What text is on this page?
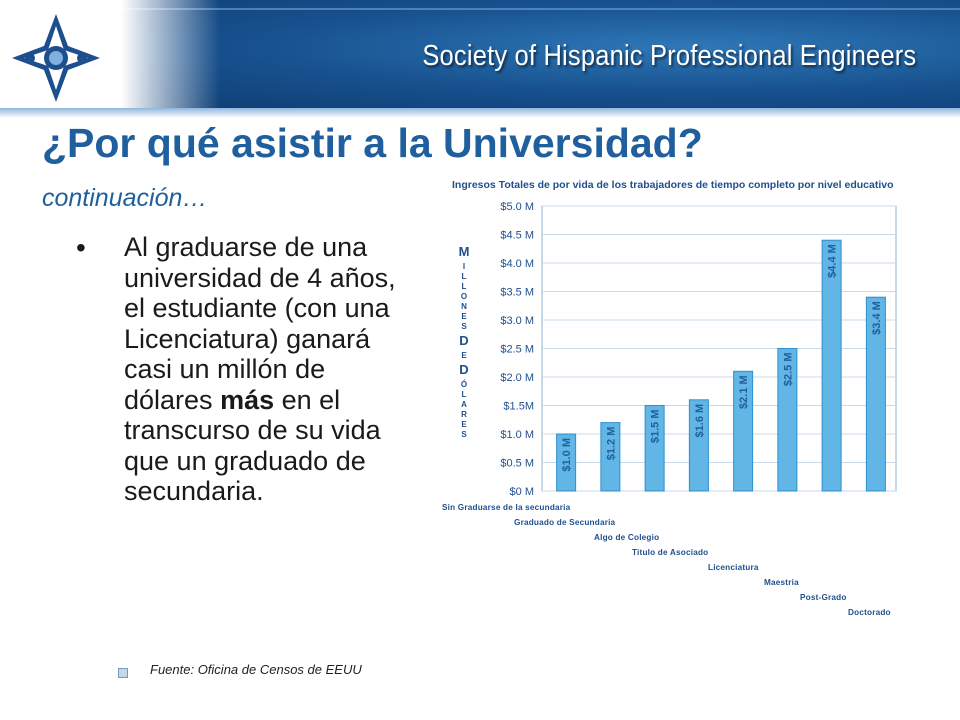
Society of Hispanic Professional Engineers
¿Por qué asistir a la Universidad?
continuación…
• Al graduarse de una universidad de 4 años, el estudiante (con una Licenciatura) ganará casi un millón de dólares más en el transcurso de su vida que un graduado de secundaria.
Fuente: Oficina de Censos de EEUU
Ingresos Totales de por vida de los trabajadores de tiempo completo por nivel educativo
$0 M
$0.5 M
$1.0 M
$1.5M
$2.0 M
$2.5 M
$3.0 M
$3.5 M
$4.0 M
$4.5 M
$5.0 M
M
I
L
L
O
N
E
S
D
E
D
Ó
L
A
R
E
S
$1.0 M	$1.2 M
$1.5 M	$1.6 M
$2.1 M
$2.5 M
$4.4 M
$3.4 M
Sin Graduarse de la secundaria
Graduado de Secundaria
Algo de Colegio
Titulo de Asociado
Licenciatura
Maestria
Post-Grado
Doctorado
